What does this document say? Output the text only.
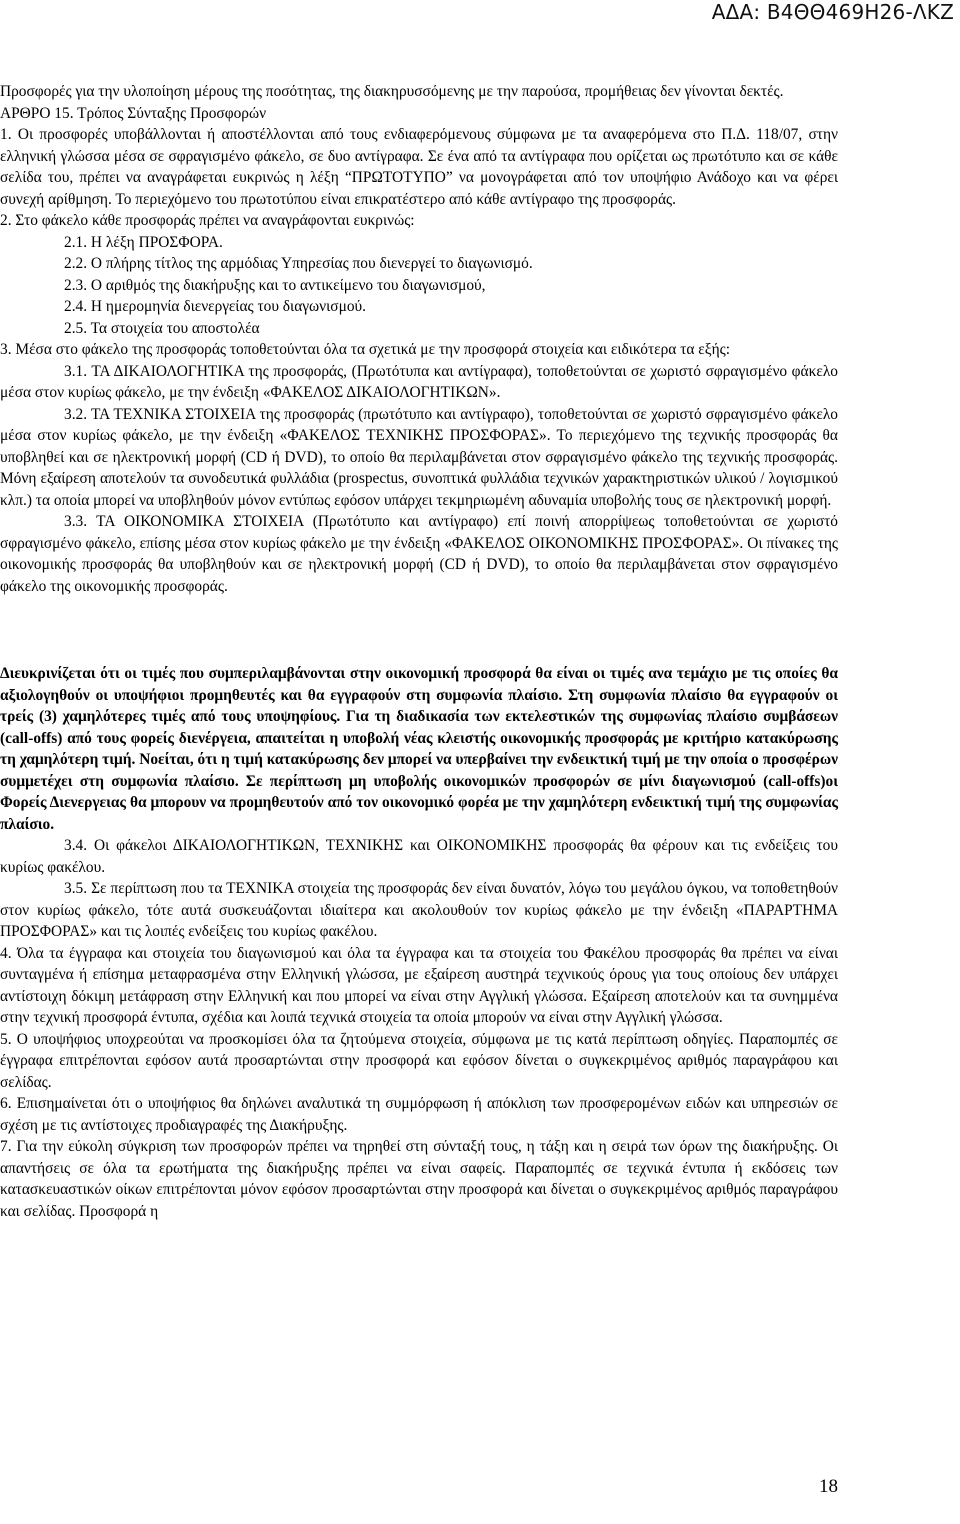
ΑΔΑ: Β4ΘΘ469Η26-ΛΚΖ

Προσφορές για την υλοποίηση μέρους της ποσότητας, της διακηρυσσόμενης με την παρούσα, προμήθειας δεν γίνονται δεκτές.

ΑΡΘΡΟ 15. Τρόπος Σύνταξης Προσφορών

1. Οι προσφορές υποβάλλονται ή αποστέλλονται από τους ενδιαφερόμενους σύμφωνα με τα αναφερόμενα στο Π.Δ. 118/07, στην ελληνική γλώσσα μέσα σε σφραγισμένο φάκελο, σε δυο αντίγραφα. Σε ένα από τα αντίγραφα που ορίζεται ως πρωτότυπο και σε κάθε σελίδα του, πρέπει να αναγράφεται ευκρινώς η λέξη “ΠΡΩΤΟΤΥΠΟ” να μονογράφεται από τον υποψήφιο Ανάδοχο και να φέρει συνεχή αρίθμηση. Το περιεχόμενο του πρωτοτύπου είναι επικρατέστερο από κάθε αντίγραφο της προσφοράς.

2. Στο φάκελο κάθε προσφοράς πρέπει να αναγράφονται ευκρινώς:

2.1. Η λέξη ΠΡΟΣΦΟΡΑ.

2.2. Ο πλήρης τίτλος της αρμόδιας Υπηρεσίας που διενεργεί το διαγωνισμό.

2.3. Ο αριθμός της διακήρυξης και το αντικείμενο του διαγωνισμού,

2.4. Η ημερομηνία διενεργείας του διαγωνισμού.

2.5. Τα στοιχεία του αποστολέα

3. Μέσα στο φάκελο της προσφοράς τοποθετούνται όλα τα σχετικά με την προσφορά στοιχεία και ειδικότερα τα εξής:

3.1. ΤΑ ΔΙΚΑΙΟΛΟΓΗΤΙΚΑ της προσφοράς, (Πρωτότυπα και αντίγραφα), τοποθετούνται σε χωριστό σφραγισμένο φάκελο μέσα στον κυρίως φάκελο, με την ένδειξη «ΦΑΚΕΛΟΣ ΔΙΚΑΙΟΛΟΓΗΤΙΚΩΝ».

3.2. ΤΑ ΤΕΧΝΙΚΑ ΣΤΟΙΧΕΙΑ της προσφοράς (πρωτότυπο και αντίγραφο), τοποθετούνται σε χωριστό σφραγισμένο φάκελο μέσα στον κυρίως φάκελο, με την ένδειξη «ΦΑΚΕΛΟΣ ΤΕΧΝΙΚΗΣ ΠΡΟΣΦΟΡΑΣ». Το περιεχόμενο της τεχνικής προσφοράς θα υποβληθεί και σε ηλεκτρονική μορφή (CD ή DVD), το οποίο θα περιλαμβάνεται στον σφραγισμένο φάκελο της τεχνικής προσφοράς. Μόνη εξαίρεση αποτελούν τα συνοδευτικά φυλλάδια (prospectus, συνοπτικά φυλλάδια τεχνικών χαρακτηριστικών υλικού / λογισμικού κλπ.) τα οποία μπορεί να υποβληθούν μόνον εντύπως εφόσον υπάρχει τεκμηριωμένη αδυναμία υποβολής τους σε ηλεκτρονική μορφή.

3.3. ΤΑ ΟΙΚΟΝΟΜΙΚΑ ΣΤΟΙΧΕΙΑ (Πρωτότυπο και αντίγραφο) επί ποινή απορρίψεως τοποθετούνται σε χωριστό σφραγισμένο φάκελο, επίσης μέσα στον κυρίως φάκελο με την ένδειξη «ΦΑΚΕΛΟΣ ΟΙΚΟΝΟΜΙΚΗΣ ΠΡΟΣΦΟΡΑΣ». Οι πίνακες της οικονομικής προσφοράς θα υποβληθούν και σε ηλεκτρονική μορφή (CD ή DVD), το οποίο θα περιλαμβάνεται στον σφραγισμένο φάκελο της οικονομικής προσφοράς.

Διευκρινίζεται ότι οι τιμές που συμπεριλαμβάνονται στην οικονομική προσφορά θα είναι οι τιμές ανα τεμάχιο με τις οποίες θα αξιολογηθούν οι υποψήφιοι προμηθευτές και θα εγγραφούν στη συμφωνία πλαίσιο. Στη συμφωνία πλαίσιο θα εγγραφούν οι τρείς (3) χαμηλότερες τιμές από τους υποψηφίους. Για τη διαδικασία των εκτελεστικών της συμφωνίας πλαίσιο συμβάσεων (call-offs) από τους φορείς διενέργεια, απαιτείται η υποβολή νέας κλειστής οικονομικής προσφοράς με κριτήριο κατακύρωσης τη χαμηλότερη τιμή. Νοείται, ότι η τιμή κατακύρωσης δεν μπορεί να υπερβαίνει την ενδεικτική τιμή με την οποία ο προσφέρων συμμετέχει στη συμφωνία πλαίσιο. Σε περίπτωση μη υποβολής οικονομικών προσφορών σε μίνι διαγωνισμού (call-offs)οι Φορείς Διενεργειας θα μπορουν να προμηθευτούν από τον οικονομικό φορέα με την χαμηλότερη ενδεικτική τιμή της συμφωνίας πλαίσιο.

3.4. Οι φάκελοι ΔΙΚΑΙΟΛΟΓΗΤΙΚΩΝ, ΤΕΧΝΙΚΗΣ και ΟΙΚΟΝΟΜΙΚΗΣ προσφοράς θα φέρουν και τις ενδείξεις του κυρίως φακέλου.

3.5. Σε περίπτωση που τα ΤΕΧΝΙΚΑ στοιχεία της προσφοράς δεν είναι δυνατόν, λόγω του μεγάλου όγκου, να τοποθετηθούν στον κυρίως φάκελο, τότε αυτά συσκευάζονται ιδιαίτερα και ακολουθούν τον κυρίως φάκελο με την ένδειξη «ΠΑΡΑΡΤΗΜΑ ΠΡΟΣΦΟΡΑΣ» και τις λοιπές ενδείξεις του κυρίως φακέλου.

4. Όλα τα έγγραφα και στοιχεία του διαγωνισμού και όλα τα έγγραφα και τα στοιχεία του Φακέλου προσφοράς θα πρέπει να είναι συνταγμένα ή επίσημα μεταφρασμένα στην Ελληνική γλώσσα, με εξαίρεση αυστηρά τεχνικούς όρους για τους οποίους δεν υπάρχει αντίστοιχη δόκιμη μετάφραση στην Ελληνική και που μπορεί να είναι στην Αγγλική γλώσσα. Εξαίρεση αποτελούν και τα συνημμένα στην τεχνική προσφορά έντυπα, σχέδια και λοιπά τεχνικά στοιχεία τα οποία μπορούν να είναι στην Αγγλική γλώσσα.

5. Ο υποψήφιος υποχρεούται να προσκομίσει όλα τα ζητούμενα στοιχεία, σύμφωνα με τις κατά περίπτωση οδηγίες. Παραπομπές σε έγγραφα επιτρέπονται εφόσον αυτά προσαρτώνται στην προσφορά και εφόσον δίνεται ο συγκεκριμένος αριθμός παραγράφου και σελίδας.

6. Επισημαίνεται ότι ο υποψήφιος θα δηλώνει αναλυτικά τη συμμόρφωση ή απόκλιση των προσφερομένων ειδών και υπηρεσιών σε σχέση με τις αντίστοιχες προδιαγραφές της Διακήρυξης.

7. Για την εύκολη σύγκριση των προσφορών πρέπει να τηρηθεί στη σύνταξή τους, η τάξη και η σειρά των όρων της διακήρυξης. Οι απαντήσεις σε όλα τα ερωτήματα της διακήρυξης πρέπει να είναι σαφείς. Παραπομπές σε τεχνικά έντυπα ή εκδόσεις των κατασκευαστικών οίκων επιτρέπονται μόνον εφόσον προσαρτώνται στην προσφορά και δίνεται ο συγκεκριμένος αριθμός παραγράφου και σελίδας. Προσφορά η

18
